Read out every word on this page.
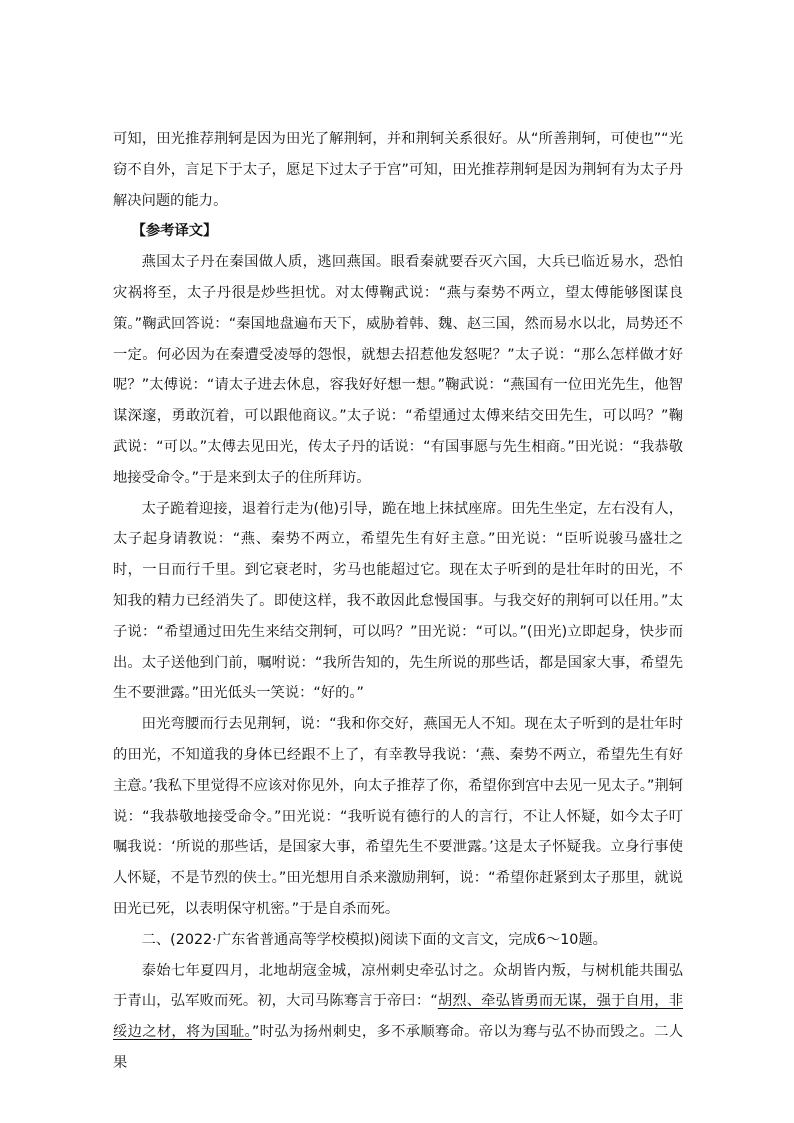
可知，田光推荐荆轲是因为田光了解荆轲，并和荆轲关系很好。从“所善荆轲，可使也”“光窃不自外，言足下于太子，愿足下过太子于宫”可知，田光推荐荆轲是因为荆轲有为太子丹解决问题的能力。

【参考译文】

燕国太子丹在秦国做人质，逃回燕国。眼看秦就要吞灭六国，大兵已临近易水，恐怕灾祸将至，太子丹很是炒些担忧。对太傅鞠武说：“燕与秦势不两立，望太傅能够图谋良策。”鞠武回答说：“秦国地盘遍布天下，威胁着韩、魏、赵三国，然而易水以北，局势还不一定。何必因为在秦遭受凌辱的怨恨，就想去招惹他发怒呢？”太子说：“那么怎样做才好呢？”太傅说：“请太子进去休息，容我好好想一想。”鞠武说：“燕国有一位田光先生，他智谋深邃，勇敢沉着，可以跟他商议。”太子说：“希望通过太傅来结交田先生，可以吗？”鞠武说：“可以。”太傅去见田光，传太子丹的话说：“有国事愿与先生相商。”田光说：“我恭敬地接受命令。”于是来到太子的住所拜访。

太子跪着迎接，退着行走为(他)引导，跪在地上抹拭座席。田先生坐定，左右没有人，太子起身请教说：“燕、秦势不两立，希望先生有好主意。”田光说：“臣听说骏马盛壮之时，一日而行千里。到它衰老时，劣马也能超过它。现在太子听到的是壮年时的田光，不知我的精力已经消失了。即使这样，我不敢因此怠慢国事。与我交好的荆轲可以任用。”太子说：“希望通过田先生来结交荆轲，可以吗？”田光说：“可以。”(田光)立即起身，快步而出。太子送他到门前，嘱咐说：“我所告知的，先生所说的那些话，都是国家大事，希望先生不要泄露。”田光低头一笑说：“好的。”

田光弯腰而行去见荆轲，说：“我和你交好，燕国无人不知。现在太子听到的是壮年时的田光，不知道我的身体已经跟不上了，有幸教导我说：‘燕、秦势不两立，希望先生有好主意。’我私下里觉得不应该对你见外，向太子推荐了你，希望你到宫中去见一见太子。”荆轲说：“我恭敬地接受命令。”田光说：“我听说有德行的人的言行，不让人怀疑，如今太子叮嘱我说：‘所说的那些话，是国家大事，希望先生不要泄露。’这是太子怀疑我。立身行事使人怀疑，不是节烈的侠士。”田光想用自杀来激励荆轲，说：“希望你赶紧到太子那里，就说田光已死，以表明保守机密。”于是自杀而死。

二、(2022·广东省普通高等学校模拟)阅读下面的文言文，完成6～10题。

泰始七年夏四月，北地胡寇金城，凉州刺史牵弘讨之。众胡皆内叛，与树机能共围弘于青山，弘军败而死。初，大司马陈骞言于帝曰：“胡烈、牵弘皆勇而无谋，强于自用，非绥边之材，将为国耻。”时弘为扬州刺史，多不承顺骞命。帝以为骞与弘不协而毁之。二人果
